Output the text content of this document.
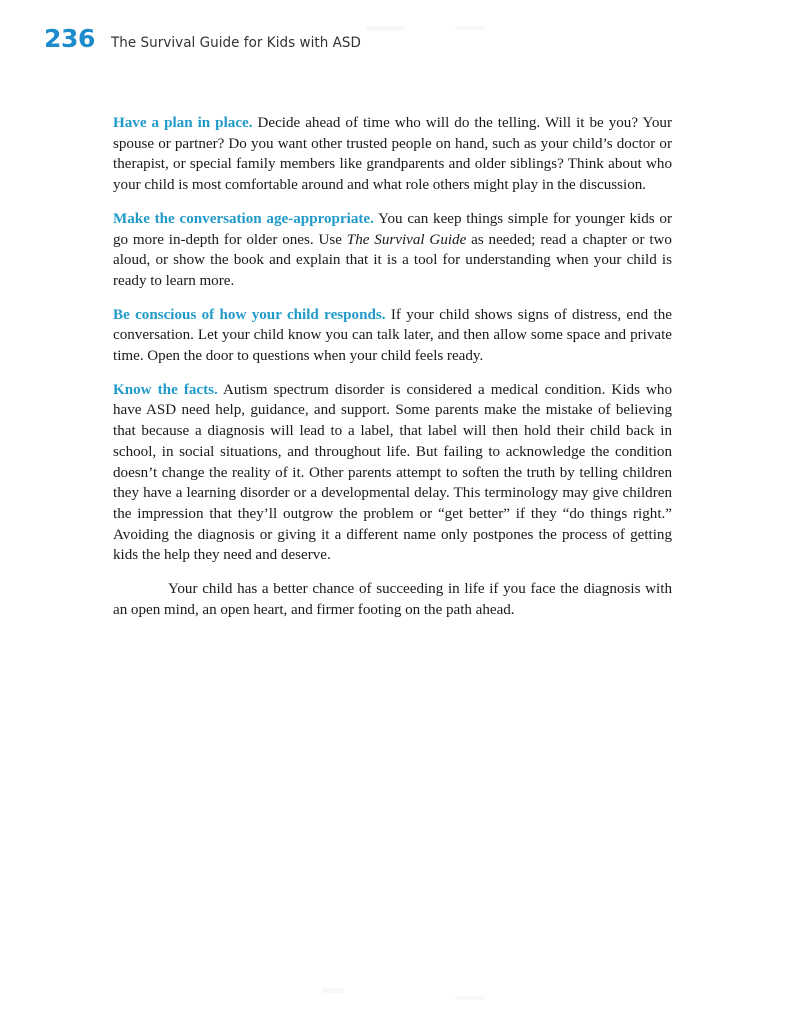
236 The Survival Guide for Kids with ASD

Have a plan in place. Decide ahead of time who will do the telling. Will it be you? Your spouse or partner? Do you want other trusted people on hand, such as your child’s doctor or therapist, or special family members like grandparents and older siblings? Think about who your child is most comfortable around and what role others might play in the discussion.

Make the conversation age-appropriate. You can keep things simple for younger kids or go more in-depth for older ones. Use The Survival Guide as needed; read a chapter or two aloud, or show the book and explain that it is a tool for understanding when your child is ready to learn more.

Be conscious of how your child responds. If your child shows signs of distress, end the conversation. Let your child know you can talk later, and then allow some space and private time. Open the door to questions when your child feels ready.

Know the facts. Autism spectrum disorder is considered a medical condition. Kids who have ASD need help, guidance, and support. Some parents make the mistake of believing that because a diagnosis will lead to a label, that label will then hold their child back in school, in social situations, and throughout life. But failing to acknowledge the condition doesn’t change the reality of it. Other parents attempt to soften the truth by telling children they have a learning disorder or a developmental delay. This terminology may give children the impression that they’ll outgrow the problem or “get better” if they “do things right.” Avoiding the diagnosis or giving it a different name only postpones the process of getting kids the help they need and deserve.

Your child has a better chance of succeeding in life if you face the diagnosis with an open mind, an open heart, and firmer footing on the path ahead.
